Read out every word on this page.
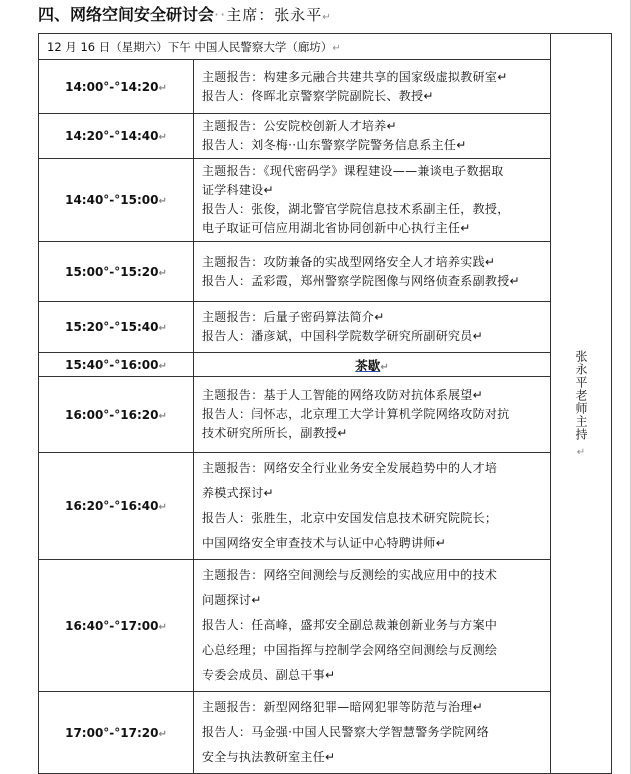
四、网络空间安全研讨会··主席：张永平↵
12 月 16 日（星期六）下午 中国人民警察大学（廊坊）↵		张永平老师主持
↵
14:00°-°14:20↵	主题报告：构建多元融合共建共享的国家级虚拟教研室↵
报告人：佟晖北京警察学院副院长、教授↵	

14:20°-°14:40↵	主题报告：公安院校创新人才培养↵
报告人：刘冬梅··山东警察学院警务信息系主任↵	

14:40°-°15:00↵	主题报告：《现代密码学》课程建设——兼谈电子数据取
证学科建设↵
报告人：张俊，湖北警官学院信息技术系副主任，教授，
电子取证可信应用湖北省协同创新中心执行主任↵	

15:00°-°15:20↵	主题报告：攻防兼备的实战型网络安全人才培养实践↵
报告人：孟彩霞，郑州警察学院图像与网络侦查系副教授↵	

15:20°-°15:40↵	主题报告：后量子密码算法简介↵
报告人：潘彦斌，中国科学院数学研究所副研究员↵	

15:40°-°16:00↵	茶歇↵	
16:00°-°16:20↵	主题报告：基于人工智能的网络攻防对抗体系展望↵
报告人：闫怀志，北京理工大学计算机学院网络攻防对抗
技术研究所所长，副教授↵	

16:20°-°16:40↵	主题报告：网络安全行业业务安全发展趋势中的人才培
养模式探讨↵
报告人：张胜生，北京中安国发信息技术研究院院长；
中国网络安全审查技术与认证中心特聘讲师↵	

16:40°-°17:00↵	主题报告：网络空间测绘与反测绘的实战应用中的技术
问题探讨↵
报告人：任高峰，盛邦安全副总裁兼创新业务与方案中
心总经理；中国指挥与控制学会网络空间测绘与反测绘
专委会成员、副总干事↵	

17:00°-°17:20↵	主题报告：新型网络犯罪—暗网犯罪等防范与治理↵
报告人：马金强·中国人民警察大学智慧警务学院网络
安全与执法教研室主任↵	
